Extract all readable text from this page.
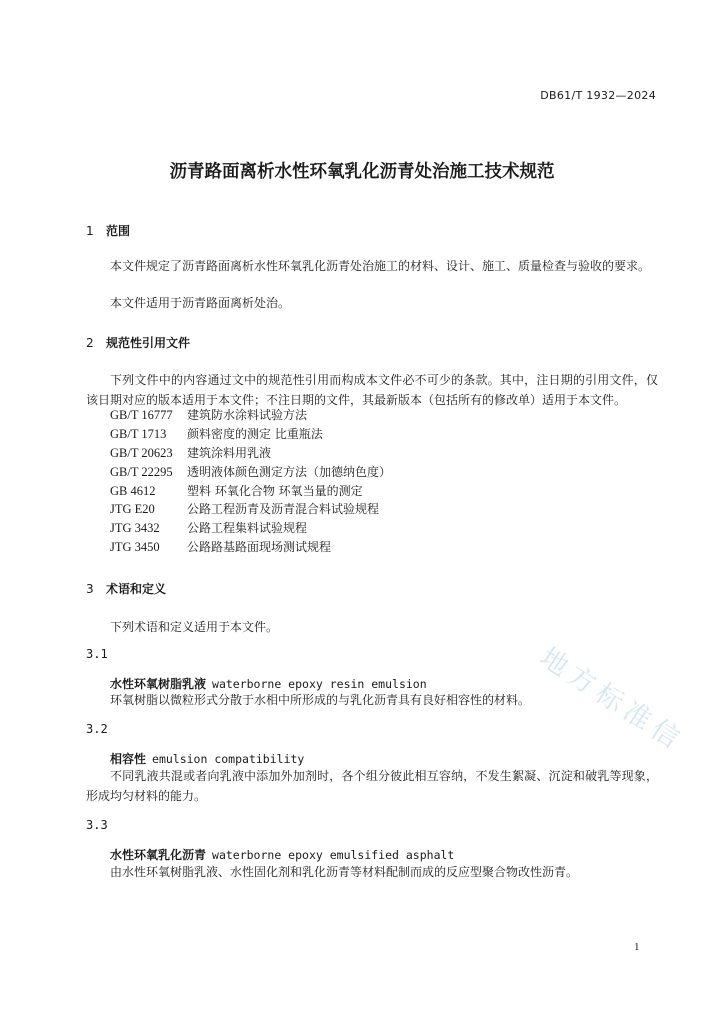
DB61/T 1932—2024
沥青路面离析水性环氧乳化沥青处治施工技术规范
1 范围
本文件规定了沥青路面离析水性环氧乳化沥青处治施工的材料、设计、施工、质量检查与验收的要求。
本文件适用于沥青路面离析处治。
2 规范性引用文件
下列文件中的内容通过文中的规范性引用而构成本文件必不可少的条款。其中，注日期的引用文件，仅该日期对应的版本适用于本文件；不注日期的文件，其最新版本（包括所有的修改单）适用于本文件。
GB/T 16777 建筑防水涂料试验方法
GB/T 1713 颜料密度的测定 比重瓶法
GB/T 20623 建筑涂料用乳液
GB/T 22295 透明液体颜色测定方法（加德纳色度）
GB 4612	塑料 环氧化合物 环氧当量的测定
JTG E20	公路工程沥青及沥青混合料试验规程
JTG 3432 公路工程集料试验规程
JTG 3450 公路路基路面现场测试规程
3 术语和定义
下列术语和定义适用于本文件。
3.1
水性环氧树脂乳液 waterborne epoxy resin emulsion
环氧树脂以微粒形式分散于水相中所形成的与乳化沥青具有良好相容性的材料。
3.2
相容性 emulsion compatibility
不同乳液共混或者向乳液中添加外加剂时，各个组分彼此相互容纳，不发生絮凝、沉淀和破乳等现象，形成均匀材料的能力。
3.3
水性环氧乳化沥青 waterborne epoxy emulsified asphalt
由水性环氧树脂乳液、水性固化剂和乳化沥青等材料配制而成的反应型聚合物改性沥青。
1
地方标准信
